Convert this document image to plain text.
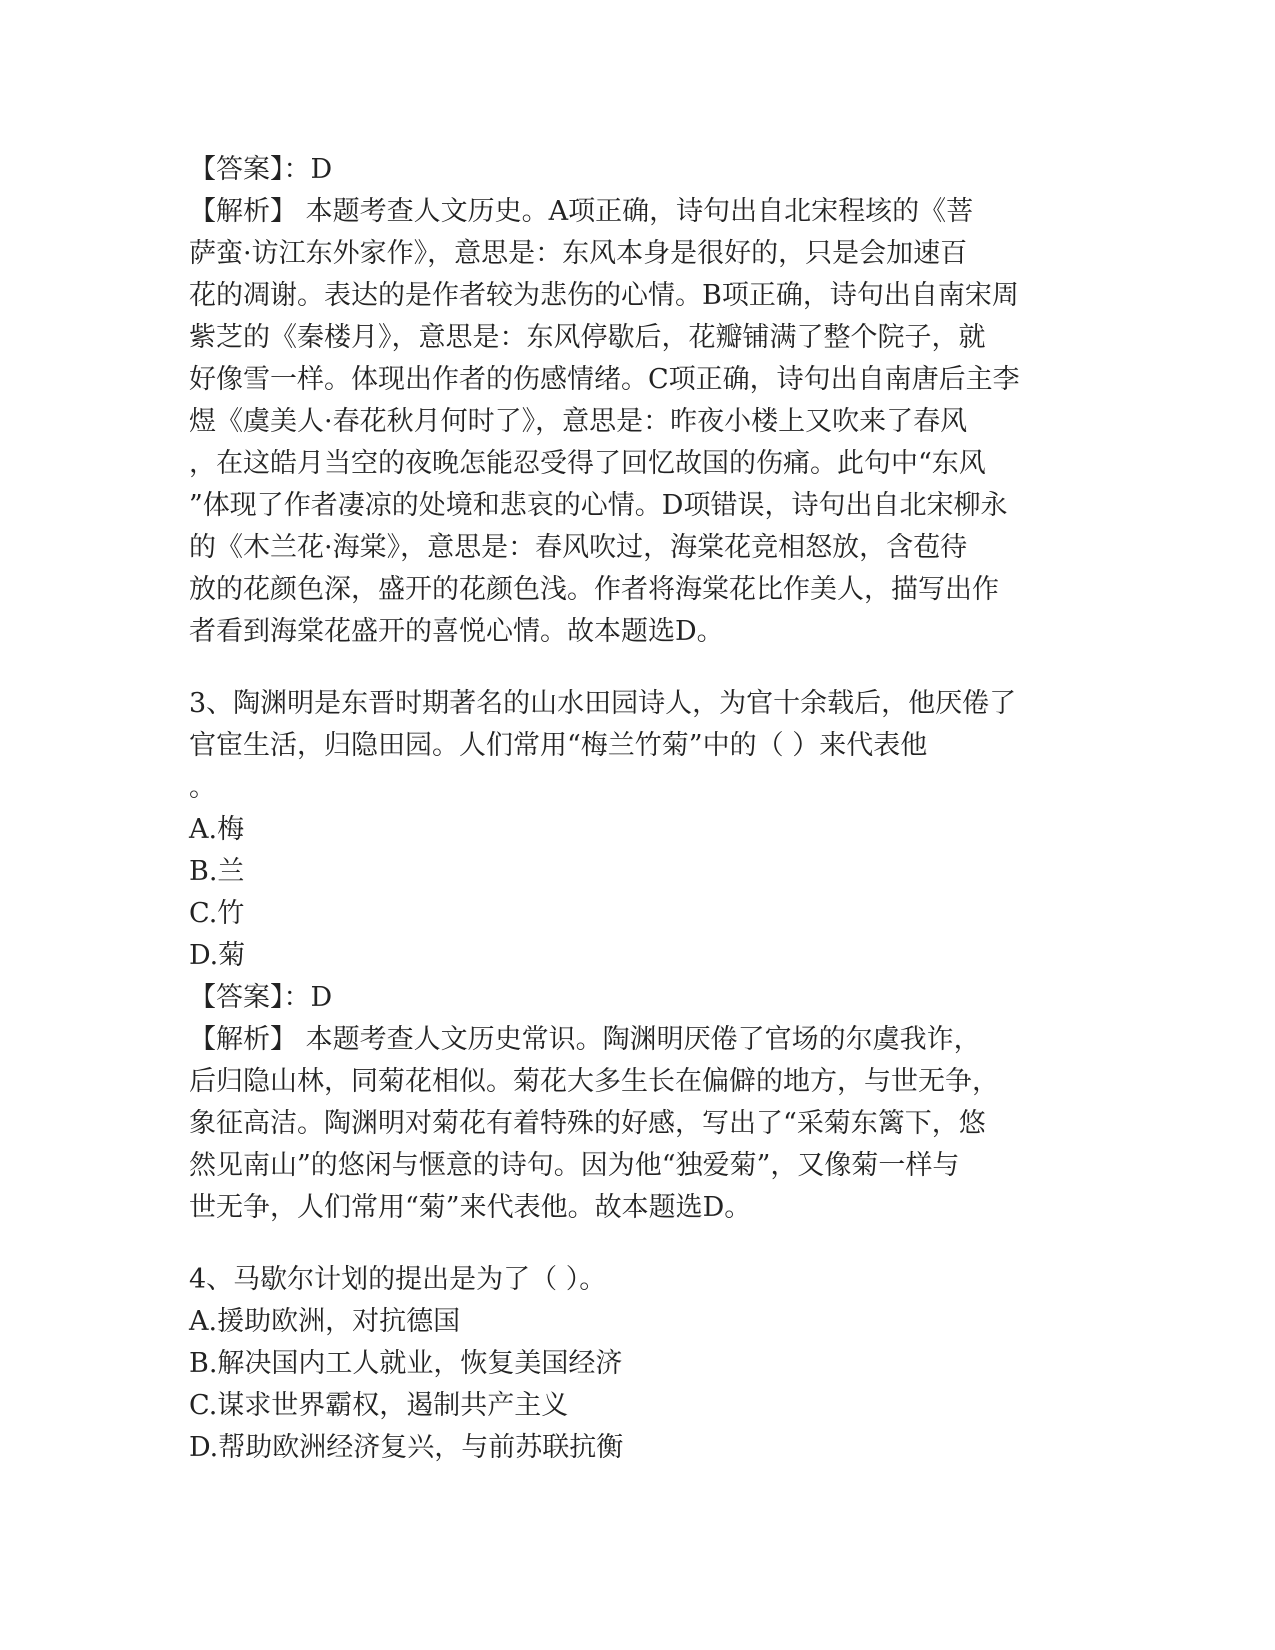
【答案】：D
【解析】 本题考查人文历史。A项正确，诗句出自北宋程垓的《菩
萨蛮·访江东外家作》，意思是：东风本身是很好的，只是会加速百
花的凋谢。表达的是作者较为悲伤的心情。B项正确，诗句出自南宋周
紫芝的《秦楼月》，意思是：东风停歇后，花瓣铺满了整个院子，就
好像雪一样。体现出作者的伤感情绪。C项正确，诗句出自南唐后主李
煜《虞美人·春花秋月何时了》，意思是：昨夜小楼上又吹来了春风
，在这皓月当空的夜晚怎能忍受得了回忆故国的伤痛。此句中“东风
”体现了作者凄凉的处境和悲哀的心情。D项错误，诗句出自北宋柳永
的《木兰花·海棠》，意思是：春风吹过，海棠花竞相怒放，含苞待
放的花颜色深，盛开的花颜色浅。作者将海棠花比作美人，描写出作
者看到海棠花盛开的喜悦心情。故本题选D。
3、陶渊明是东晋时期著名的山水田园诗人，为官十余载后，他厌倦了
官宦生活，归隐田园。人们常用“梅兰竹菊”中的（ ）来代表他
。
A.梅
B.兰
C.竹
D.菊
【答案】：D
【解析】 本题考查人文历史常识。陶渊明厌倦了官场的尔虞我诈，
后归隐山林，同菊花相似。菊花大多生长在偏僻的地方，与世无争，
象征高洁。陶渊明对菊花有着特殊的好感，写出了“采菊东篱下，悠
然见南山”的悠闲与惬意的诗句。因为他“独爱菊”，又像菊一样与
世无争，人们常用“菊”来代表他。故本题选D。
4、马歇尔计划的提出是为了（ ）。
A.援助欧洲，对抗德国
B.解决国内工人就业，恢复美国经济
C.谋求世界霸权，遏制共产主义
D.帮助欧洲经济复兴，与前苏联抗衡
